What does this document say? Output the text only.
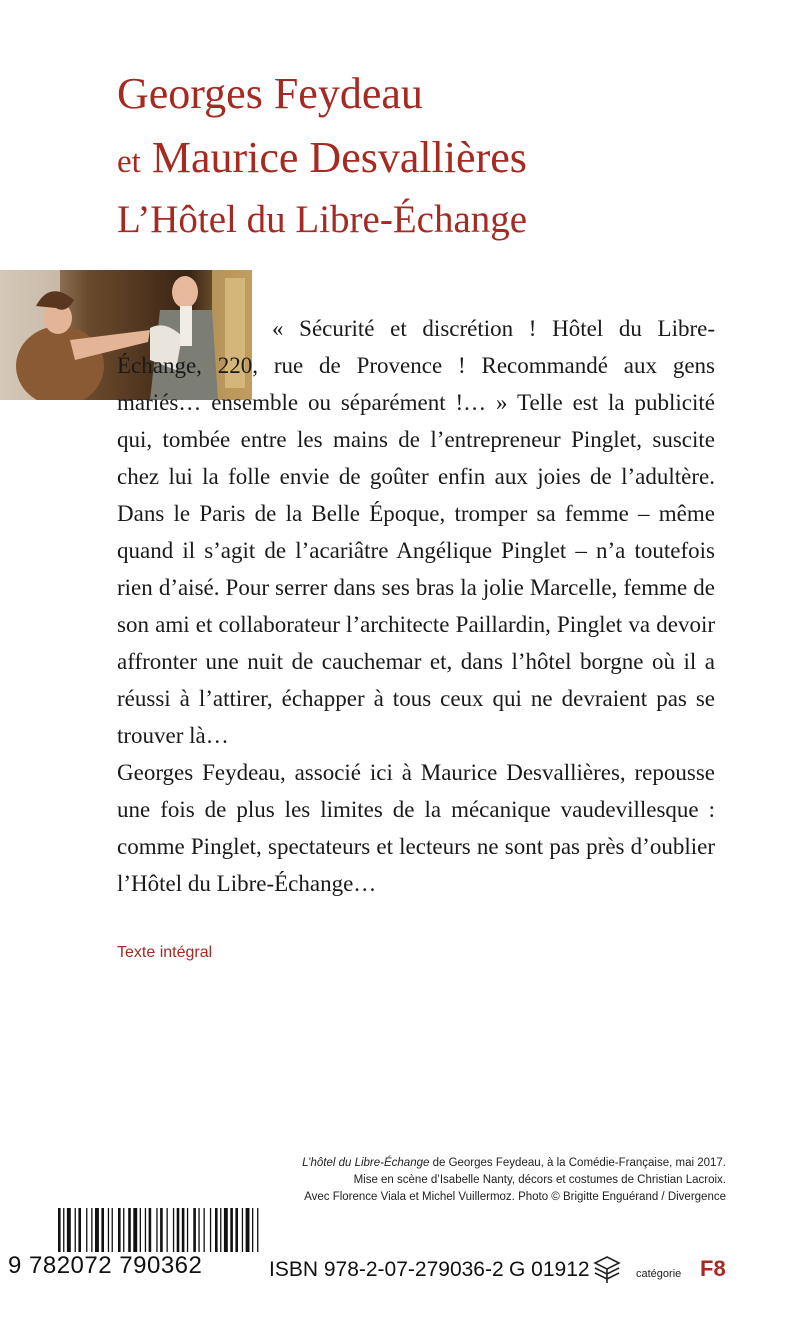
Georges Feydeau
et Maurice Desvallières
L’Hôtel du Libre-Échange

« Sécurité et discrétion ! Hôtel du Libre-Échange, 220, rue de Provence ! Recommandé aux gens mariés… ensemble ou séparément !… » Telle est la publicité qui, tombée entre les mains de l’entrepreneur Pinglet, suscite chez lui la folle envie de goûter enfin aux joies de l’adultère. Dans le Paris de la Belle Époque, tromper sa femme – même quand il s’agit de l’acariâtre Angélique Pinglet – n’a toutefois rien d’aisé. Pour serrer dans ses bras la jolie Marcelle, femme de son ami et collaborateur l’architecte Paillardin, Pinglet va devoir affronter une nuit de cauchemar et, dans l’hôtel borgne où il a réussi à l’attirer, échapper à tous ceux qui ne devraient pas se trouver là…

Georges Feydeau, associé ici à Maurice Desvallières, repousse une fois de plus les limites de la mécanique vaudevillesque : comme Pinglet, spectateurs et lecteurs ne sont pas près d’oublier l’Hôtel du Libre-Échange…

Texte intégral
L’hôtel du Libre-Échange de Georges Feydeau, à la Comédie-Française, mai 2017.
Mise en scène d’Isabelle Nanty, décors et costumes de Christian Lacroix.
Avec Florence Viala et Michel Vuillermoz. Photo © Brigitte Enguérand / Divergence
9 782072 790362	ISBN 978-2-07-279036-2 G 01912	catégorie F8
